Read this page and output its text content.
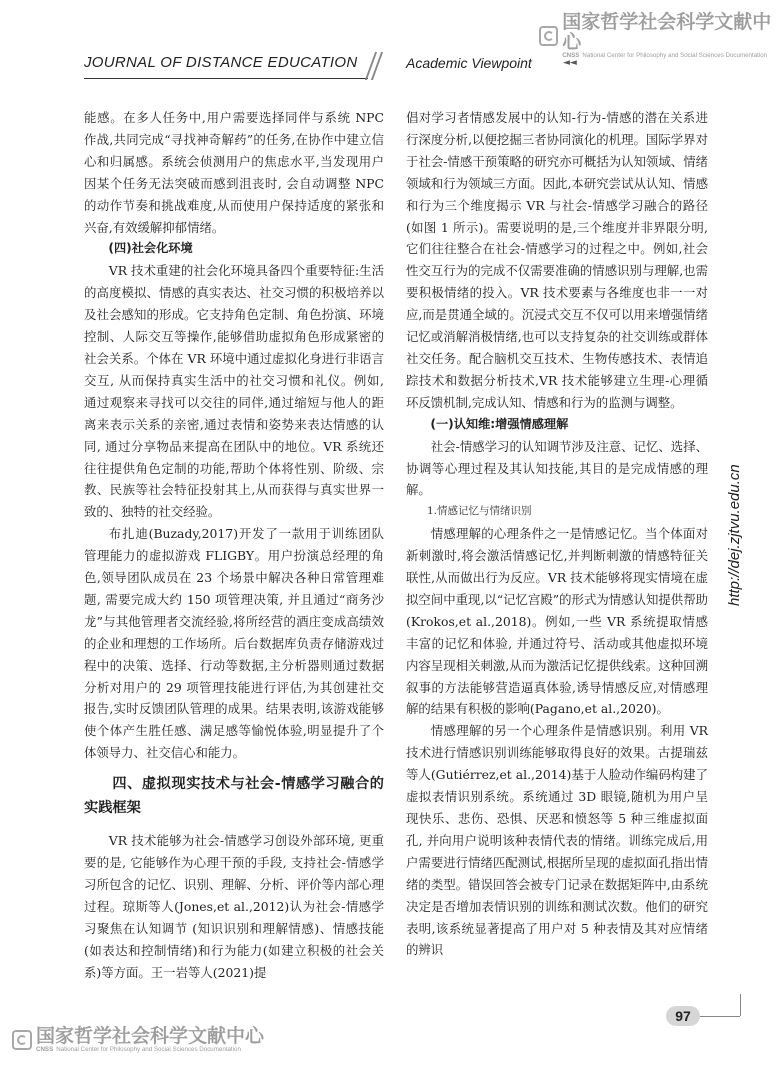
国家哲学社会科学文献中心
CNSS National Center for Philosophy and Social Sciences Documentation
JOURNAL OF DISTANCE EDUCATION	Academic Viewpoint	◄◄

能感。在多人任务中,用户需要选择同伴与系统 NPC 作战,共同完成“寻找神奇解药”的任务,在协作中建立信心和归属感。系统会侦测用户的焦虑水平,当发现用户因某个任务无法突破而感到沮丧时, 会自动调整 NPC 的动作节奏和挑战难度,从而使用户保持适度的紧张和兴奋,有效缓解抑郁情绪。

(四)社会化环境

VR 技术重建的社会化环境具备四个重要特征:生活的高度模拟、情感的真实表达、社交习惯的积极培养以及社会感知的形成。它支持角色定制、角色扮演、环境控制、人际交互等操作,能够借助虚拟角色形成紧密的社会关系。个体在 VR 环境中通过虚拟化身进行非语言交互, 从而保持真实生活中的社交习惯和礼仪。例如, 通过观察来寻找可以交往的同伴,通过缩短与他人的距离来表示关系的亲密,通过表情和姿势来表达情感的认同, 通过分享物品来提高在团队中的地位。VR 系统还往往提供角色定制的功能,帮助个体将性别、阶级、宗教、民族等社会特征投射其上,从而获得与真实世界一致的、独特的社交经验。

布扎迪(Buzady,2017)开发了一款用于训练团队管理能力的虚拟游戏 FLIGBY。用户扮演总经理的角色,领导团队成员在 23 个场景中解决各种日常管理难题, 需要完成大约 150 项管理决策, 并且通过“商务沙龙”与其他管理者交流经验,将所经营的酒庄变成高绩效的企业和理想的工作场所。后台数据库负责存储游戏过程中的决策、选择、行动等数据,主分析器则通过数据分析对用户的 29 项管理技能进行评估,为其创建社交报告,实时反馈团队管理的成果。结果表明,该游戏能够使个体产生胜任感、满足感等愉悦体验,明显提升了个体领导力、社交信心和能力。

四、虚拟现实技术与社会-情感学习融合的实践框架

VR 技术能够为社会-情感学习创设外部环境, 更重要的是, 它能够作为心理干预的手段, 支持社会-情感学习所包含的记忆、识别、理解、分析、评价等内部心理过程。琼斯等人(Jones,et al.,2012)认为社会-情感学习聚焦在认知调节 (知识识别和理解情感)、情感技能(如表达和控制情绪)和行为能力(如建立积极的社会关系)等方面。王一岩等人(2021)提

倡对学习者情感发展中的认知-行为-情感的潜在关系进行深度分析,以便挖掘三者协同演化的机理。国际学界对于社会-情感干预策略的研究亦可概括为认知领域、情绪领域和行为领域三方面。因此,本研究尝试从认知、情感和行为三个维度揭示 VR 与社会-情感学习融合的路径(如图 1 所示)。需要说明的是,三个维度并非界限分明,它们往往整合在社会-情感学习的过程之中。例如,社会性交互行为的完成不仅需要准确的情感识别与理解,也需要积极情绪的投入。VR 技术要素与各维度也非一一对应,而是贯通全域的。沉浸式交互不仅可以用来增强情绪记忆或消解消极情绪,也可以支持复杂的社交训练或群体社交任务。配合脑机交互技术、生物传感技术、表情追踪技术和数据分析技术,VR 技术能够建立生理-心理循环反馈机制,完成认知、情感和行为的监测与调整。

(一)认知维:增强情感理解

社会-情感学习的认知调节涉及注意、记忆、选择、协调等心理过程及其认知技能,其目的是完成情感的理解。

1.情感记忆与情绪识别

情感理解的心理条件之一是情感记忆。当个体面对新刺激时,将会激活情感记忆,并判断刺激的情感特征关联性,从而做出行为反应。VR 技术能够将现实情境在虚拟空间中重现,以“记忆宫殿”的形式为情感认知提供帮助(Krokos,et al.,2018)。例如,一些 VR 系统提取情感丰富的记忆和体验, 并通过符号、活动或其他虚拟环境内容呈现相关刺激,从而为激活记忆提供线索。这种回溯叙事的方法能够营造逼真体验,诱导情感反应,对情感理解的结果有积极的影响(Pagano,et al.,2020)。

情感理解的另一个心理条件是情感识别。利用 VR 技术进行情感识别训练能够取得良好的效果。古提瑞兹等人(Gutiérrez,et al.,2014)基于人脸动作编码构建了虚拟表情识别系统。系统通过 3D 眼镜,随机为用户呈现快乐、悲伤、恐惧、厌恶和愤怒等 5 种三维虚拟面孔, 并向用户说明该种表情代表的情绪。训练完成后,用户需要进行情绪匹配测试,根据所呈现的虚拟面孔指出情绪的类型。错误回答会被专门记录在数据矩阵中,由系统决定是否增加表情识别的训练和测试次数。他们的研究表明,该系统显著提高了用户对 5 种表情及其对应情绪的辨识

http://dej.zjtvu.edu.cn
97
国家哲学社会科学文献中心
CNSS National Center for Philosophy and Social Sciences Documentation
